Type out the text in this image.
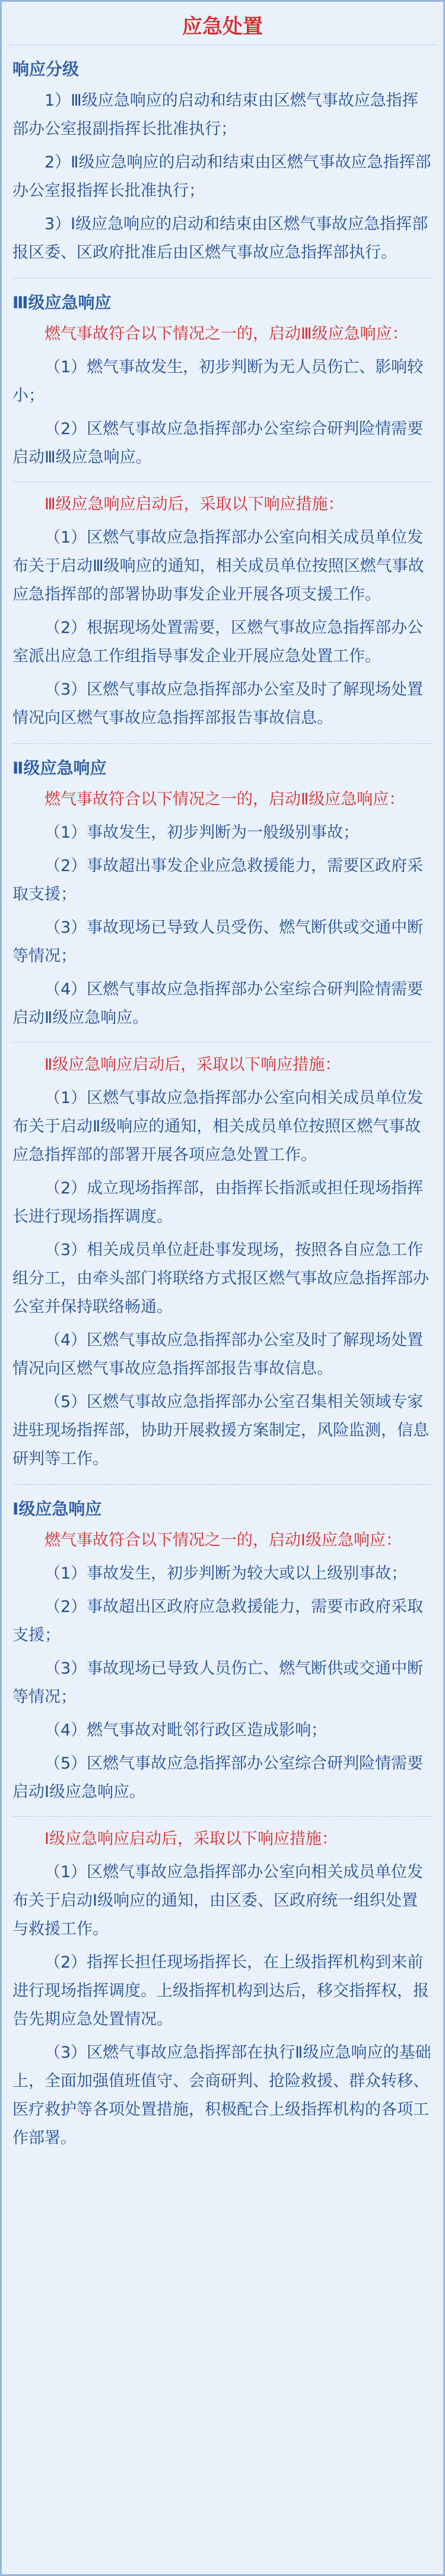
应急处置
响应分级
1）Ⅲ级应急响应的启动和结束由区燃气事故应急指挥部办公室报副指挥长批准执行；
2）Ⅱ级应急响应的启动和结束由区燃气事故应急指挥部办公室报指挥长批准执行；
3）Ⅰ级应急响应的启动和结束由区燃气事故应急指挥部报区委、区政府批准后由区燃气事故应急指挥部执行。
Ⅲ级应急响应
燃气事故符合以下情况之一的，启动Ⅲ级应急响应：
（1）燃气事故发生，初步判断为无人员伤亡、影响较小；
（2）区燃气事故应急指挥部办公室综合研判险情需要启动Ⅲ级应急响应。
Ⅲ级应急响应启动后，采取以下响应措施：
（1）区燃气事故应急指挥部办公室向相关成员单位发布关于启动Ⅲ级响应的通知，相关成员单位按照区燃气事故应急指挥部的部署协助事发企业开展各项支援工作。
（2）根据现场处置需要，区燃气事故应急指挥部办公室派出应急工作组指导事发企业开展应急处置工作。
（3）区燃气事故应急指挥部办公室及时了解现场处置情况向区燃气事故应急指挥部报告事故信息。
Ⅱ级应急响应
燃气事故符合以下情况之一的，启动Ⅱ级应急响应：
（1）事故发生，初步判断为一般级别事故；
（2）事故超出事发企业应急救援能力，需要区政府采取支援；
（3）事故现场已导致人员受伤、燃气断供或交通中断等情况；
（4）区燃气事故应急指挥部办公室综合研判险情需要启动Ⅱ级应急响应。
Ⅱ级应急响应启动后，采取以下响应措施：
（1）区燃气事故应急指挥部办公室向相关成员单位发布关于启动Ⅱ级响应的通知，相关成员单位按照区燃气事故应急指挥部的部署开展各项应急处置工作。
（2）成立现场指挥部，由指挥长指派或担任现场指挥长进行现场指挥调度。
（3）相关成员单位赶赴事发现场，按照各自应急工作组分工，由牵头部门将联络方式报区燃气事故应急指挥部办公室并保持联络畅通。
（4）区燃气事故应急指挥部办公室及时了解现场处置情况向区燃气事故应急指挥部报告事故信息。
（5）区燃气事故应急指挥部办公室召集相关领域专家进驻现场指挥部，协助开展救援方案制定，风险监测，信息研判等工作。
Ⅰ级应急响应
燃气事故符合以下情况之一的，启动Ⅰ级应急响应：
（1）事故发生，初步判断为较大或以上级别事故；
（2）事故超出区政府应急救援能力，需要市政府采取支援；
（3）事故现场已导致人员伤亡、燃气断供或交通中断等情况；
（4）燃气事故对毗邻行政区造成影响；
（5）区燃气事故应急指挥部办公室综合研判险情需要启动Ⅰ级应急响应。
Ⅰ级应急响应启动后，采取以下响应措施：
（1）区燃气事故应急指挥部办公室向相关成员单位发布关于启动Ⅰ级响应的通知，由区委、区政府统一组织处置与救援工作。
（2）指挥长担任现场指挥长，在上级指挥机构到来前进行现场指挥调度。上级指挥机构到达后，移交指挥权，报告先期应急处置情况。
（3）区燃气事故应急指挥部在执行Ⅱ级应急响应的基础上，全面加强值班值守、会商研判、抢险救援、群众转移、医疗救护等各项处置措施，积极配合上级指挥机构的各项工作部署。
